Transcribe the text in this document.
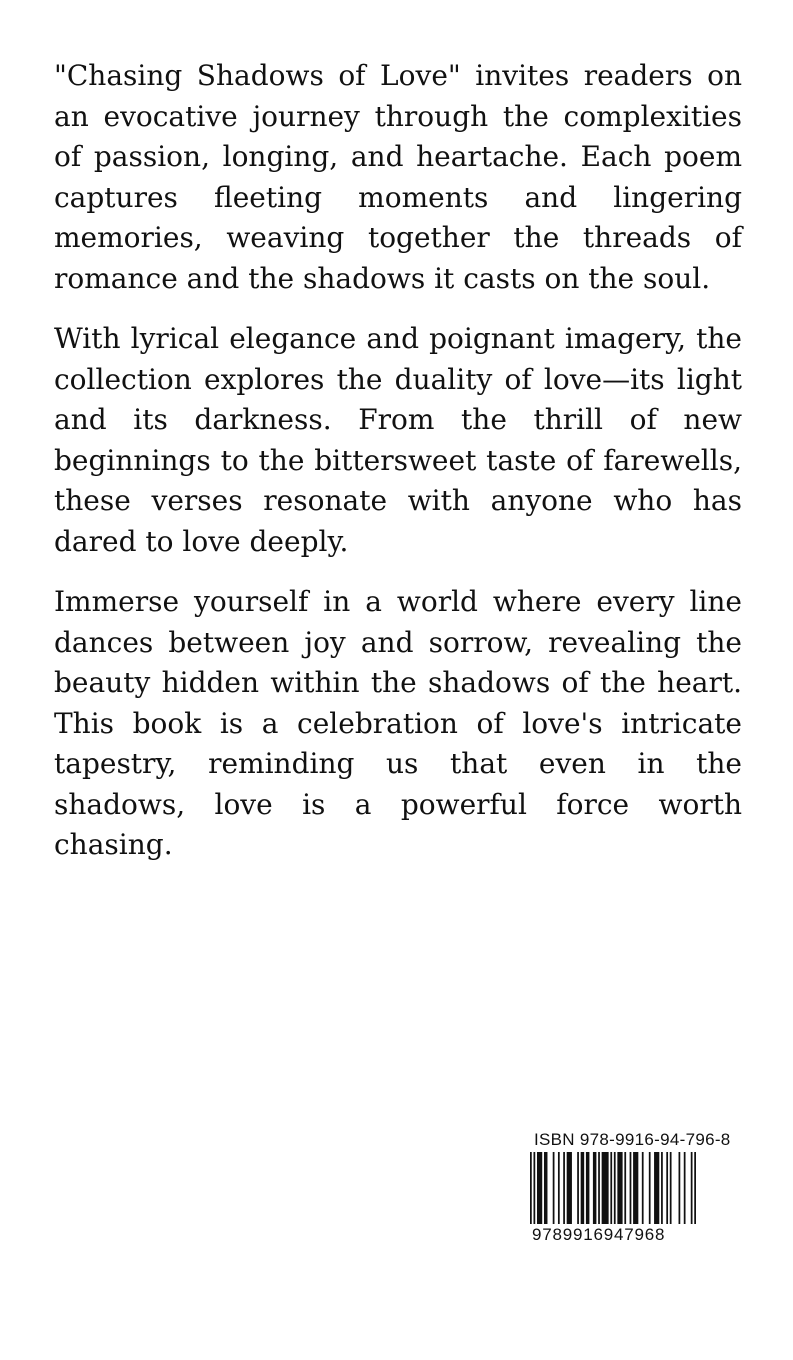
"Chasing Shadows of Love" invites readers on an evocative journey through the complexities of passion, longing, and heartache. Each poem captures fleeting moments and lingering memories, weaving together the threads of romance and the shadows it casts on the soul.

With lyrical elegance and poignant imagery, the collection explores the duality of love—its light and its darkness. From the thrill of new beginnings to the bittersweet taste of farewells, these verses resonate with anyone who has dared to love deeply.

Immerse yourself in a world where every line dances between joy and sorrow, revealing the beauty hidden within the shadows of the heart. This book is a celebration of love's intricate tapestry, reminding us that even in the shadows, love is a powerful force worth chasing.

ISBN 978-9916-94-796-8
9789916947968
